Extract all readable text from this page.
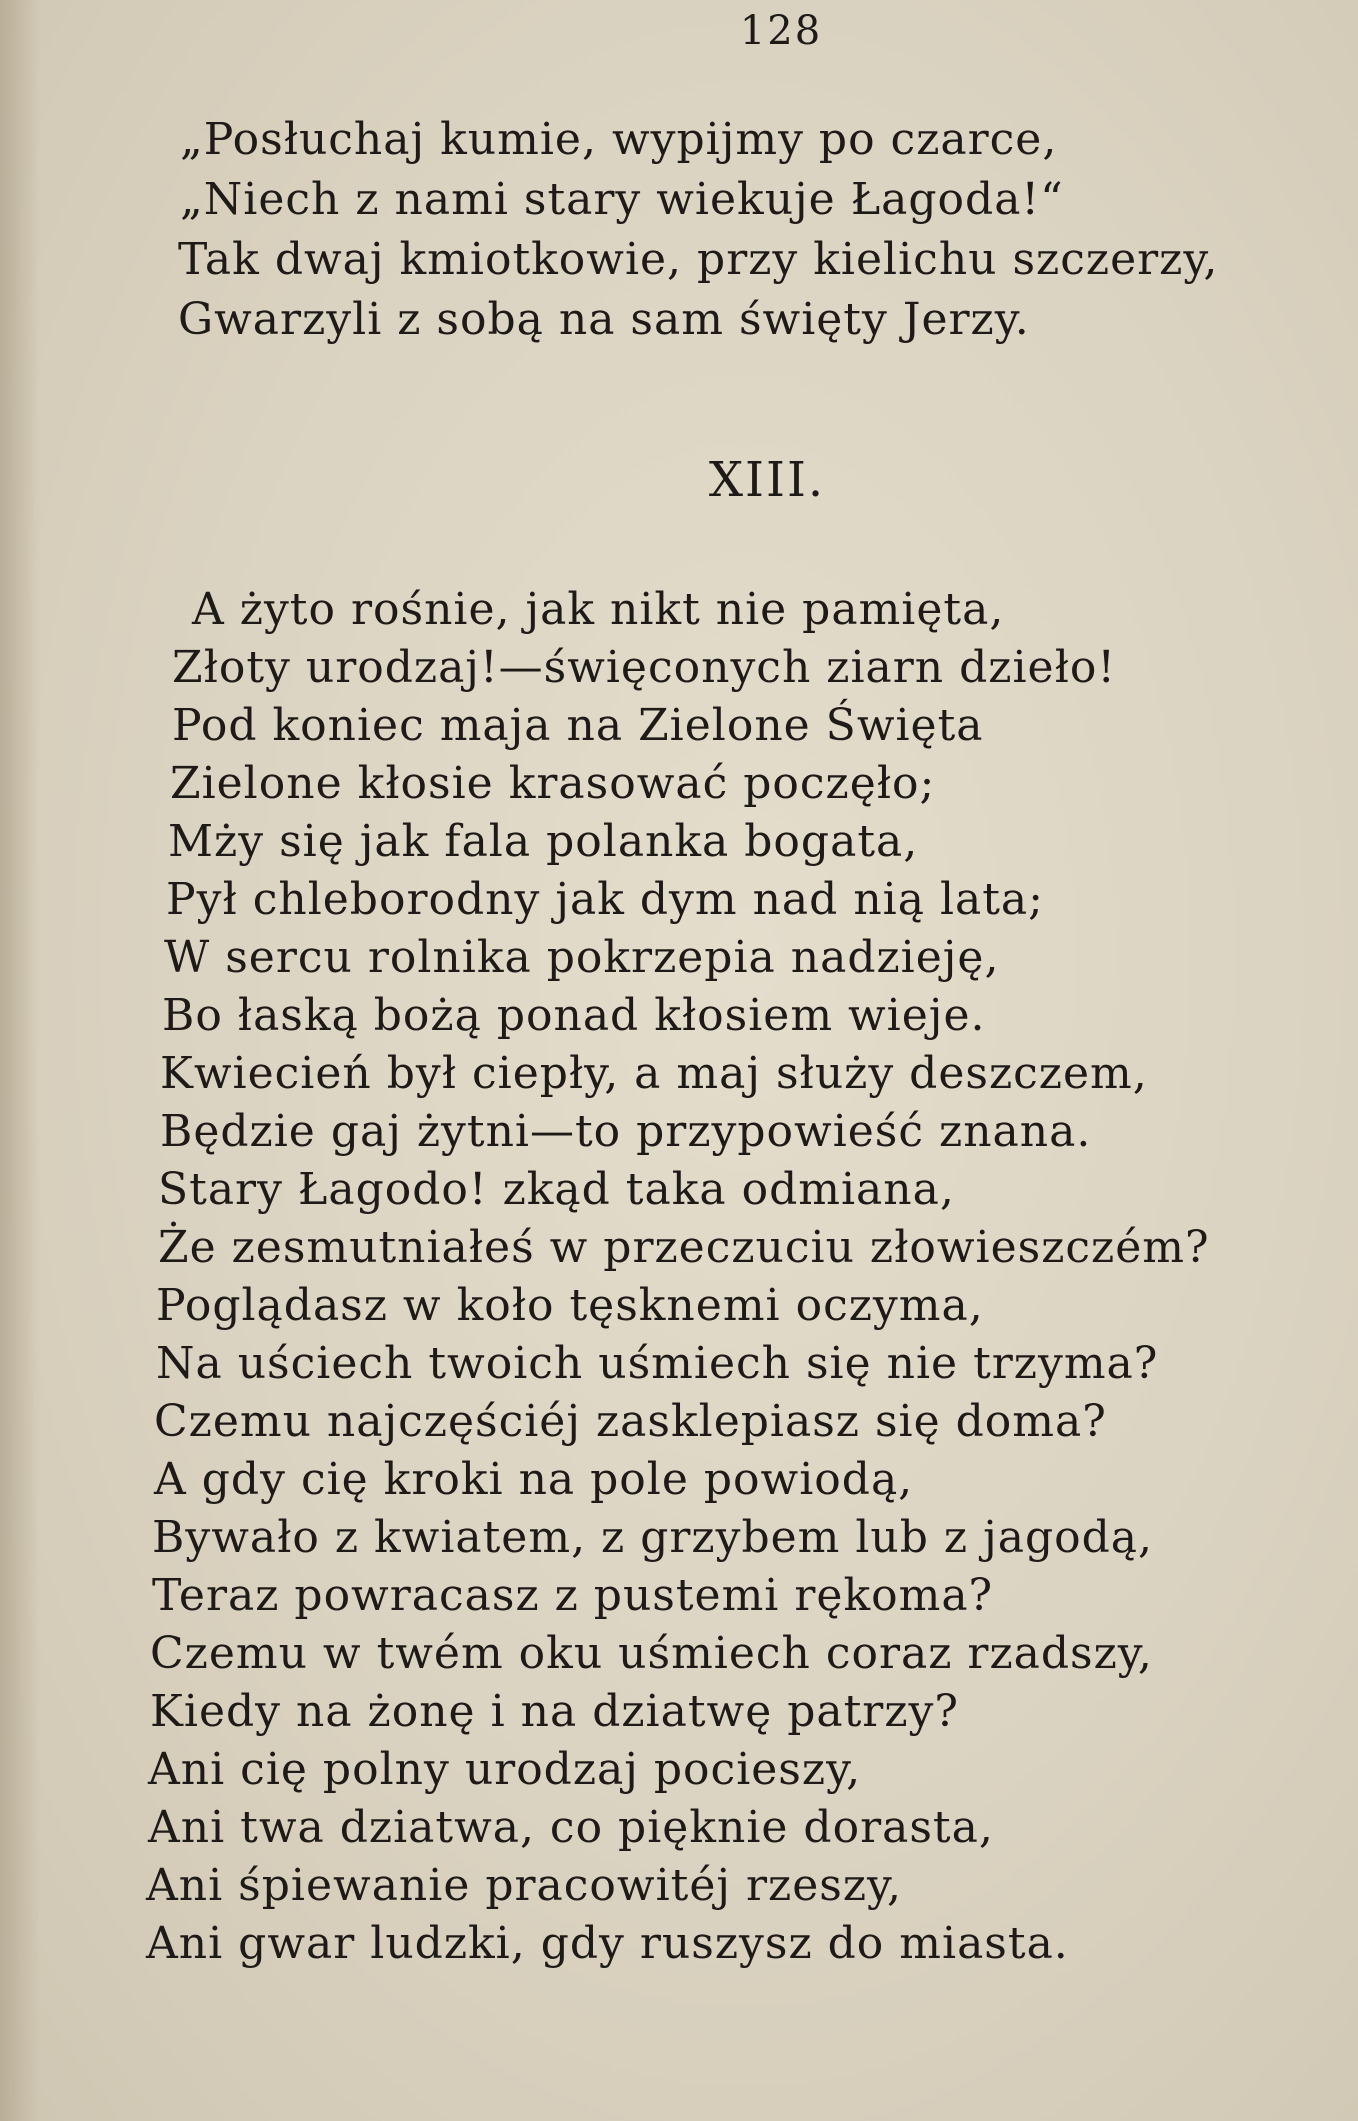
128
„Posłuchaj kumie, wypijmy po czarce,
„Niech z nami stary wiekuje Łagoda!“
Tak dwaj kmiotkowie, przy kielichu szczerzy,
Gwarzyli z sobą na sam święty Jerzy.
XIII.
A żyto rośnie, jak nikt nie pamięta,
Złoty urodzaj!—święconych ziarn dzieło!
Pod koniec maja na Zielone Święta
Zielone kłosie krasować poczęło;
Mży się jak fala polanka bogata,
Pył chleborodny jak dym nad nią lata;
W sercu rolnika pokrzepia nadzieję,
Bo łaską bożą ponad kłosiem wieje.
Kwiecień był ciepły, a maj służy deszczem,
Będzie gaj żytni—to przypowieść znana.
Stary Łagodo! zkąd taka odmiana,
Że zesmutniałeś w przeczuciu złowieszczém?
Poglądasz w koło tęsknemi oczyma,
Na uściech twoich uśmiech się nie trzyma?
Czemu najczęściéj zasklepiasz się doma?
A gdy cię kroki na pole powiodą,
Bywało z kwiatem, z grzybem lub z jagodą,
Teraz powracasz z pustemi rękoma?
Czemu w twém oku uśmiech coraz rzadszy,
Kiedy na żonę i na dziatwę patrzy?
Ani cię polny urodzaj pocieszy,
Ani twa dziatwa, co pięknie dorasta,
Ani śpiewanie pracowitéj rzeszy,
Ani gwar ludzki, gdy ruszysz do miasta.
